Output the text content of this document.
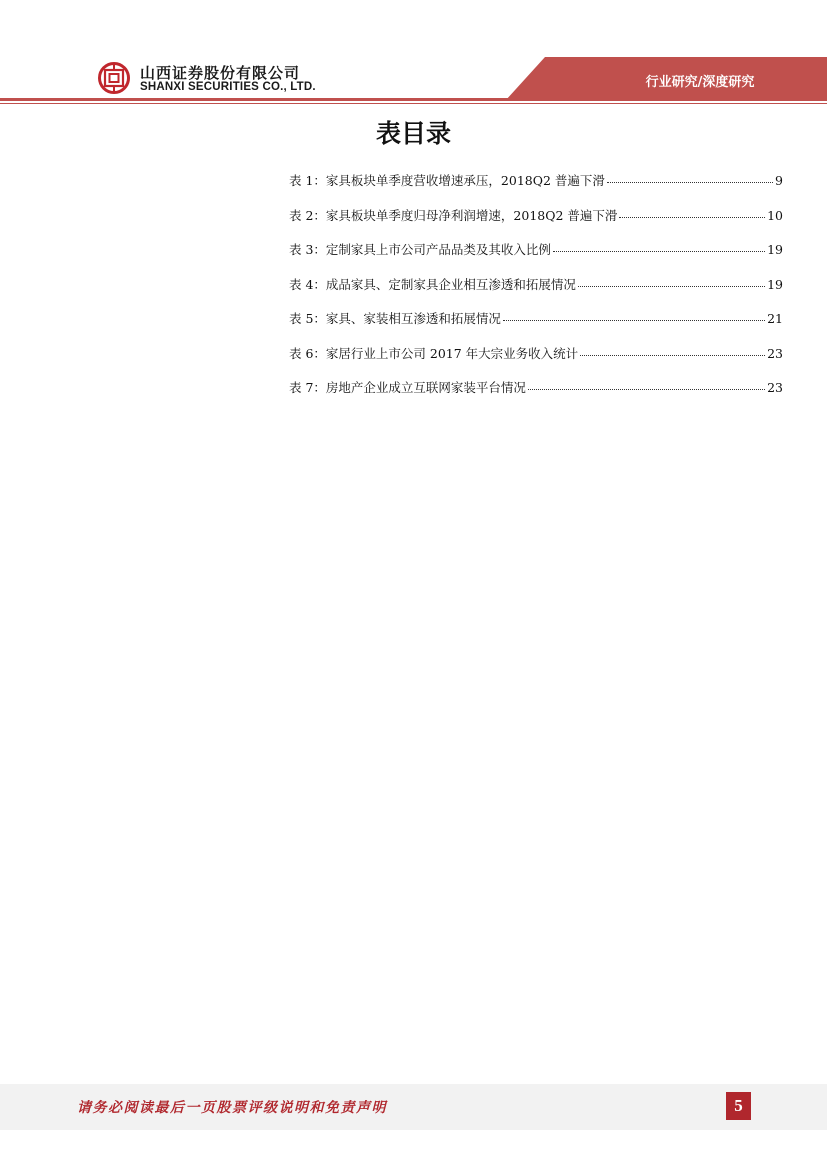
山西证券股份有限公司
SHANXI SECURITIES CO., LTD.	行业研究/深度研究
表目录
表 1：家具板块单季度营收增速承压，2018Q2 普遍下滑	9
表 2：家具板块单季度归母净利润增速，2018Q2 普遍下滑	10
表 3：定制家具上市公司产品品类及其收入比例	19
表 4：成品家具、定制家具企业相互渗透和拓展情况	19
表 5：家具、家装相互渗透和拓展情况	21
表 6：家居行业上市公司 2017 年大宗业务收入统计	23
表 7：房地产企业成立互联网家装平台情况	23
请务必阅读最后一页股票评级说明和免责声明	5
